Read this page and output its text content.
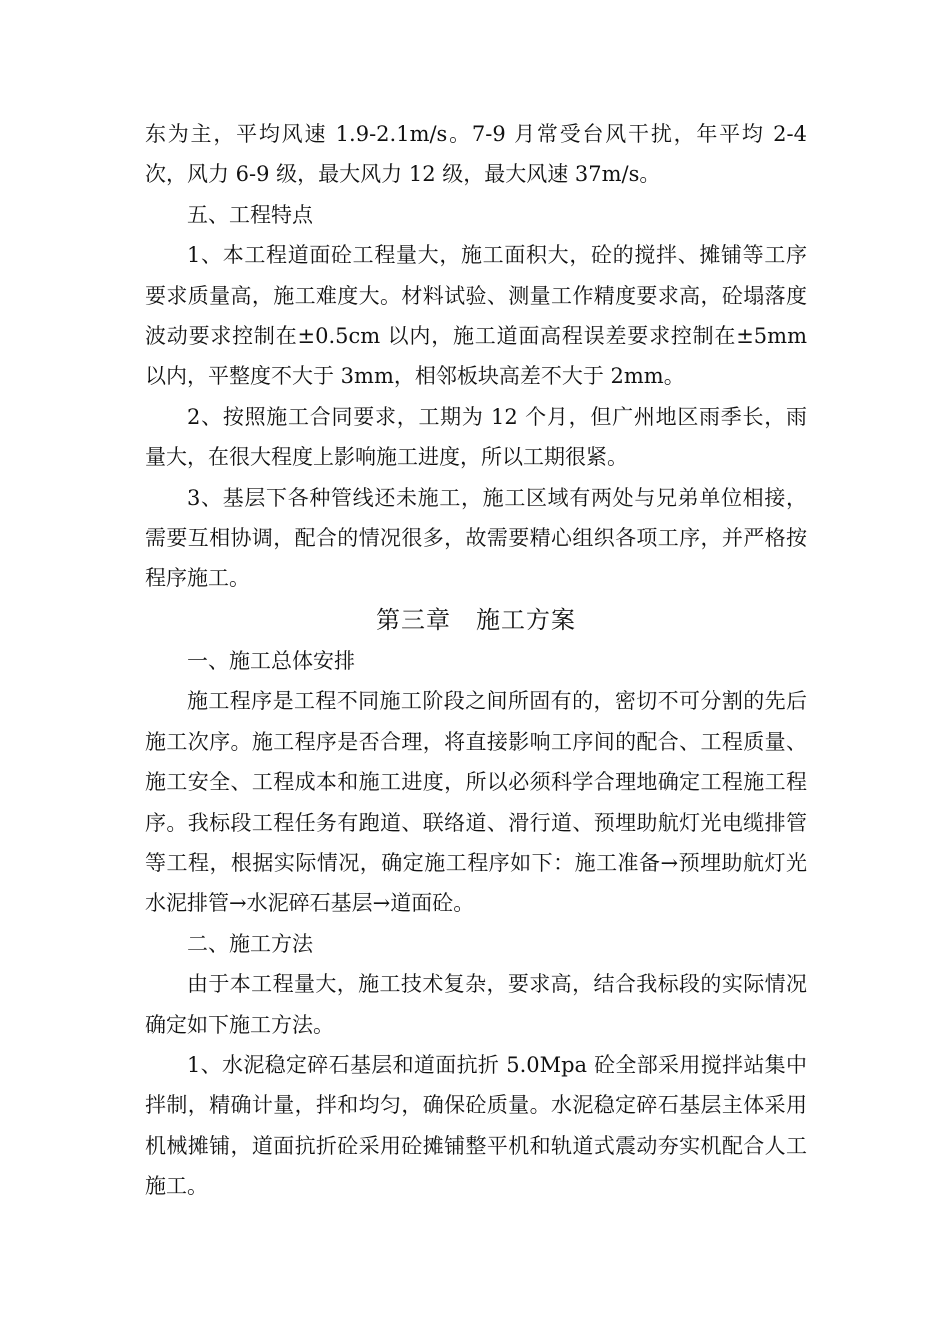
东为主，平均风速 1.9-2.1m/s。7-9 月常受台风干扰，年平均 2-4 次，风力 6-9 级，最大风力 12 级，最大风速 37m/s。

五、工程特点

1、本工程道面砼工程量大，施工面积大，砼的搅拌、摊铺等工序要求质量高，施工难度大。材料试验、测量工作精度要求高，砼塌落度波动要求控制在±0.5cm 以内，施工道面高程误差要求控制在±5mm 以内，平整度不大于 3mm，相邻板块高差不大于 2mm。

2、按照施工合同要求，工期为 12 个月，但广州地区雨季长，雨量大，在很大程度上影响施工进度，所以工期很紧。

3、基层下各种管线还未施工，施工区域有两处与兄弟单位相接，需要互相协调，配合的情况很多，故需要精心组织各项工序，并严格按程序施工。

第三章　施工方案

一、施工总体安排

施工程序是工程不同施工阶段之间所固有的，密切不可分割的先后施工次序。施工程序是否合理，将直接影响工序间的配合、工程质量、施工安全、工程成本和施工进度，所以必须科学合理地确定工程施工程序。我标段工程任务有跑道、联络道、滑行道、预埋助航灯光电缆排管等工程，根据实际情况，确定施工程序如下：施工准备→预埋助航灯光水泥排管→水泥碎石基层→道面砼。

二、施工方法

由于本工程量大，施工技术复杂，要求高，结合我标段的实际情况确定如下施工方法。

1、水泥稳定碎石基层和道面抗折 5.0Mpa 砼全部采用搅拌站集中拌制，精确计量，拌和均匀，确保砼质量。水泥稳定碎石基层主体采用机械摊铺，道面抗折砼采用砼摊铺整平机和轨道式震动夯实机配合人工施工。
